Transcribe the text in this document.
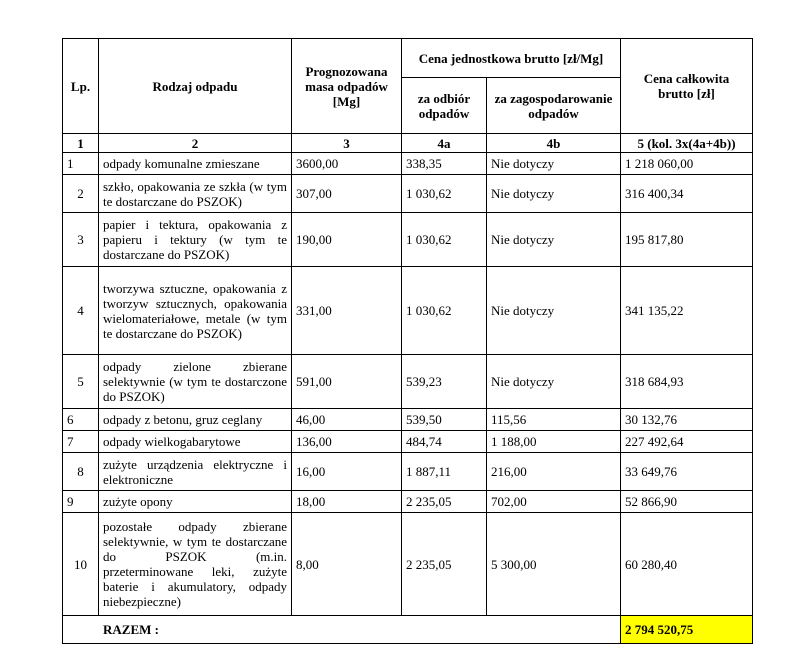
Lp.	Rodzaj odpadu	Prognozowana masa odpadów [Mg]	Cena jednostkowa brutto [zł/Mg]		Cena całkowita brutto [zł]
			za odbiór odpadów	za zagospodarowanie odpadów	
1	2	3	4a	4b	5 (kol. 3x(4a+4b))
1	odpady komunalne zmieszane	3600,00	338,35	Nie dotyczy	1 218 060,00
2	szkło, opakowania ze szkła (w tym te dostarczane do PSZOK)	307,00	1 030,62	Nie dotyczy	316 400,34
3	papier i tektura, opakowania z papieru i tektury (w tym te dostarczane do PSZOK)	190,00	1 030,62	Nie dotyczy	195 817,80
4	tworzywa sztuczne, opakowania z tworzyw sztucznych, opakowania wielomateriałowe, metale (w tym te dostarczane do PSZOK)	331,00	1 030,62	Nie dotyczy	341 135,22
5	odpady zielone zbierane selektywnie (w tym te dostarczone do PSZOK)	591,00	539,23	Nie dotyczy	318 684,93
6	odpady z betonu, gruz ceglany	46,00	539,50	115,56	30 132,76
7	odpady wielkogabarytowe	136,00	484,74	1 188,00	227 492,64
8	zużyte urządzenia elektryczne i elektroniczne	16,00	1 887,11	216,00	33 649,76
9	zużyte opony	18,00	2 235,05	702,00	52 866,90
10	pozostałe odpady zbierane selektywnie, w tym te dostarczane do PSZOK (m.in. przeterminowane leki, zużyte baterie i akumulatory, odpady niebezpieczne)	8,00	2 235,05	5 300,00	60 280,40
RAZEM :					2 794 520,75
